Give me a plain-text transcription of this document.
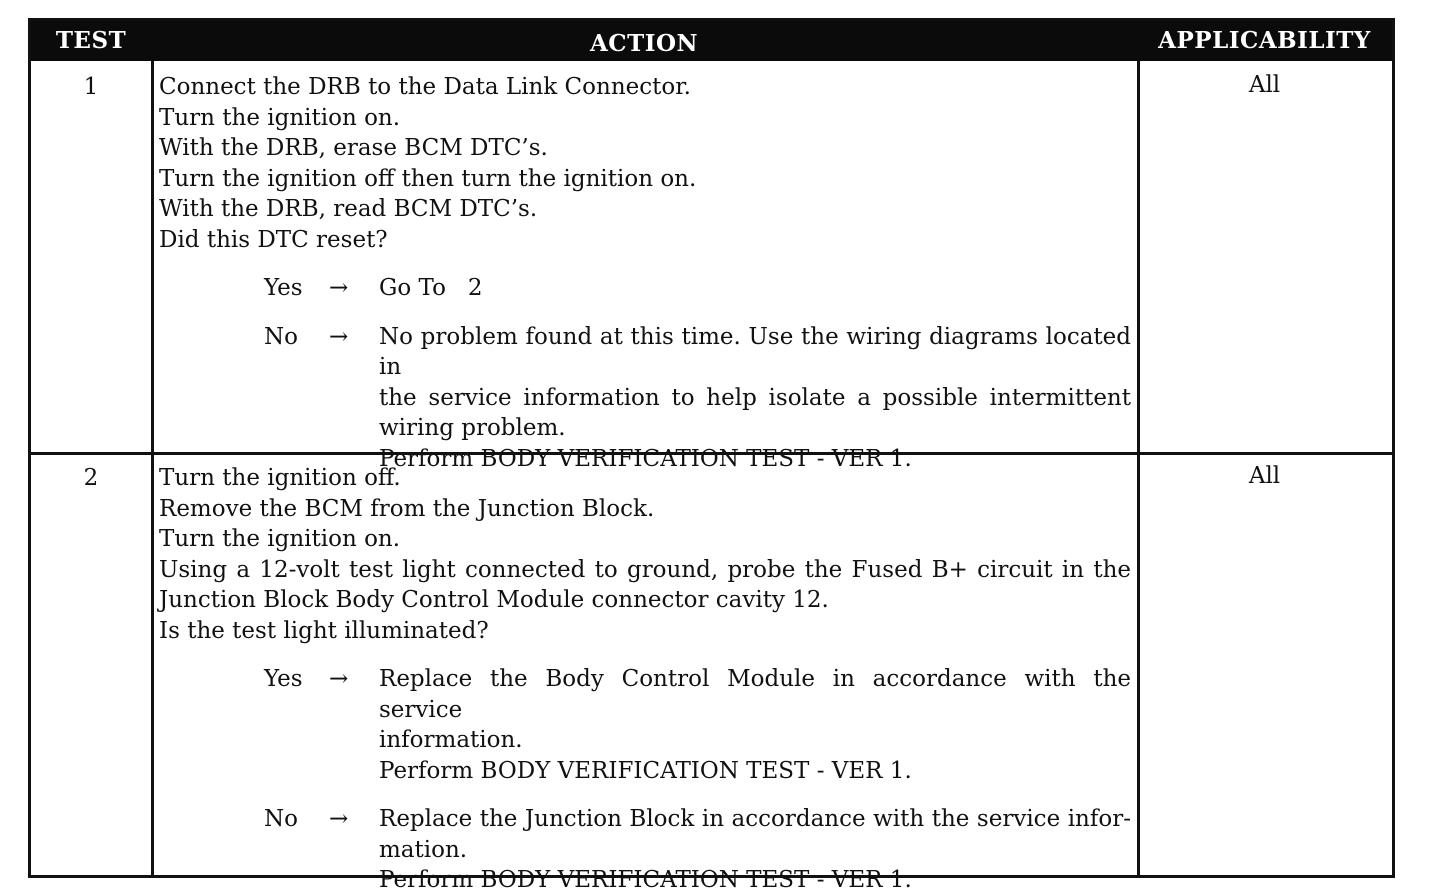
TEST	ACTION	APPLICABILITY
1	Connect the DRB to the Data Link Connector.
Turn the ignition on.
With the DRB, erase BCM DTC’s.
Turn the ignition off then turn the ignition on.
With the DRB, read BCM DTC’s.
Did this DTC reset?
Yes	→	Go To   2
No	→	No problem found at this time. Use the wiring diagrams located in
the service information to help isolate a possible intermittent
wiring problem.
Perform BODY VERIFICATION TEST - VER 1.
All
2	Turn the ignition off.
Remove the BCM from the Junction Block.
Turn the ignition on.
Using a 12-volt test light connected to ground, probe the Fused B+ circuit in the
Junction Block Body Control Module connector cavity 12.
Is the test light illuminated?
Yes	→	Replace the Body Control Module in accordance with the service
information.
Perform BODY VERIFICATION TEST - VER 1.
No	→	Replace the Junction Block in accordance with the service infor-
mation.
Perform BODY VERIFICATION TEST - VER 1.
All
